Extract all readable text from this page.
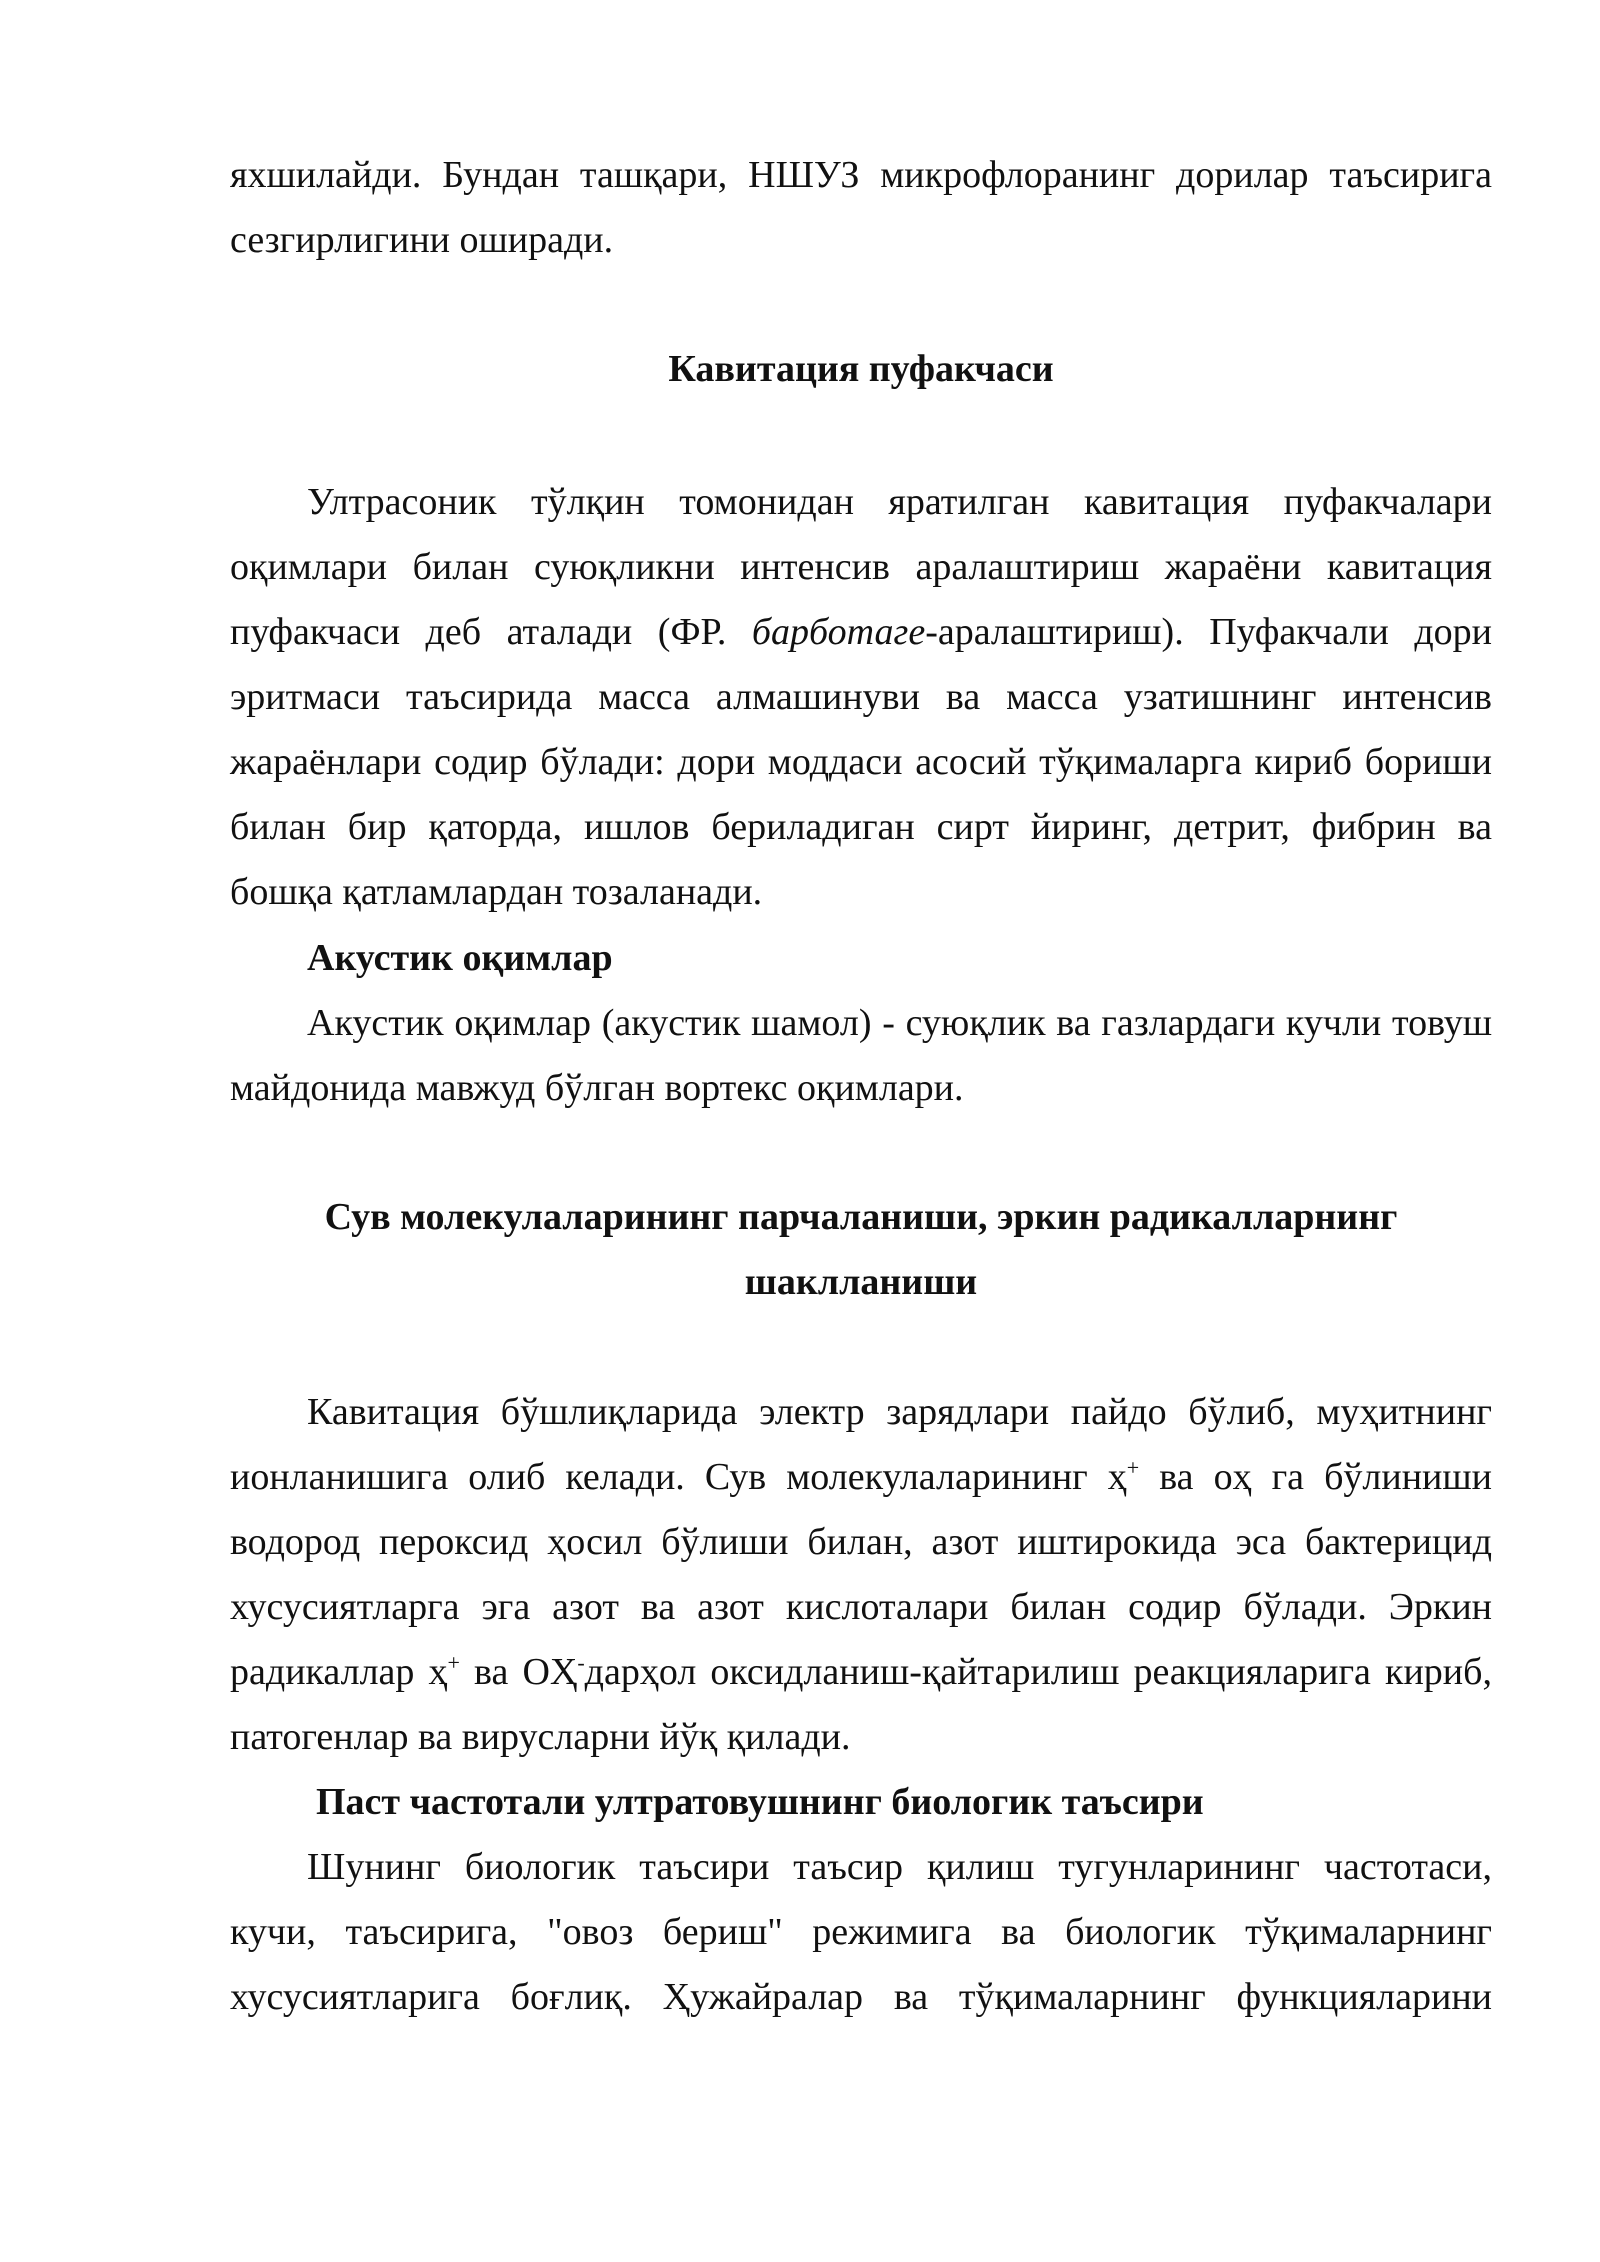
яхшилайди. Бундан ташқари, НШУЗ микрофлоранинг дорилар таъсирига сезгирлигини оширади.

Кавитация пуфакчаси

Ултрасоник тўлқин томонидан яратилган кавитация пуфакчалари оқимлари билан суюқликни интенсив аралаштириш жараёни кавитация пуфакчаси деб аталади (ФР. барботаге-аралаштириш). Пуфакчали дори эритмаси таъсирида масса алмашинуви ва масса узатишнинг интенсив жараёнлари содир бўлади: дори моддаси асосий тўқималарга кириб бориши билан бир қаторда, ишлов бериладиган сирт йиринг, детрит, фибрин ва бошқа қатламлардан тозаланади.

Акустик оқимлар

Акустик оқимлар (акустик шамол) - суюқлик ва газлардаги кучли товуш майдонида мавжуд бўлган вортекс оқимлари.

Сув молекулаларининг парчаланиши, эркин радикалларнинг
шаклланиши

Кавитация бўшлиқларида электр зарядлари пайдо бўлиб, муҳитнинг ионланишига олиб келади. Сув молекулаларининг ҳ+ ва оҳ га бўлиниши водород пероксид ҳосил бўлиши билан, азот иштирокида эса бактерицид хусусиятларга эга азот ва азот кислоталари билан содир бўлади. Эркин радикаллар ҳ+ ва ОҲ-дарҳол оксидланиш-қайтарилиш реакцияларига кириб, патогенлар ва вирусларни йўқ қилади.

Паст частотали ултратовушнинг биологик таъсири

Шунинг биологик таъсири таъсир қилиш тугунларининг частотаси, кучи, таъсирига, "овоз бериш" режимига ва биологик тўқималарнинг хусусиятларига боғлиқ. Ҳужайралар ва тўқималарнинг функцияларини
